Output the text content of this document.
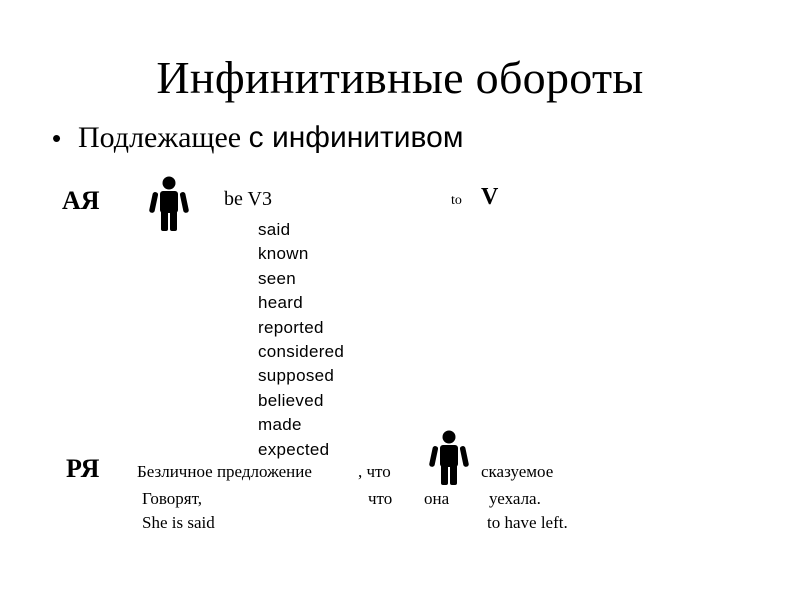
Инфинитивные обороты
• Подлежащее с инфинитивом
АЯ	be V3	to V
said
known
seen
heard
reported
considered
supposed
believed
made
expected
РЯ Безличное предложение	, что	сказуемое
Говорят,	что она уехала.
She is said	to have left.
